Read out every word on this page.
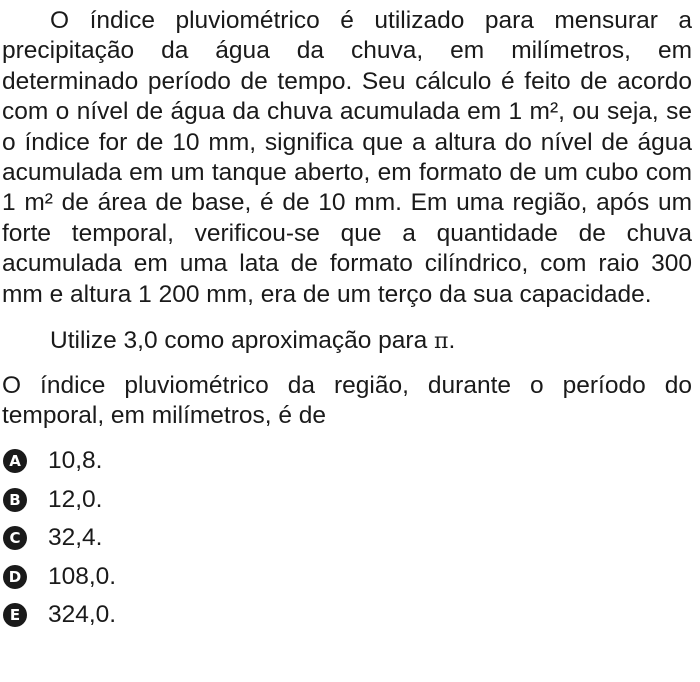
O índice pluviométrico é utilizado para mensurar a precipitação da água da chuva, em milímetros, em determinado período de tempo. Seu cálculo é feito de acordo com o nível de água da chuva acumulada em 1 m², ou seja, se o índice for de 10 mm, significa que a altura do nível de água acumulada em um tanque aberto, em formato de um cubo com 1 m² de área de base, é de 10 mm. Em uma região, após um forte temporal, verificou-se que a quantidade de chuva acumulada em uma lata de formato cilíndrico, com raio 300 mm e altura 1 200 mm, era de um terço da sua capacidade.

Utilize 3,0 como aproximação para π.

O índice pluviométrico da região, durante o período do temporal, em milímetros, é de

A 10,8.
B 12,0.
C 32,4.
D 108,0.
E 324,0.
